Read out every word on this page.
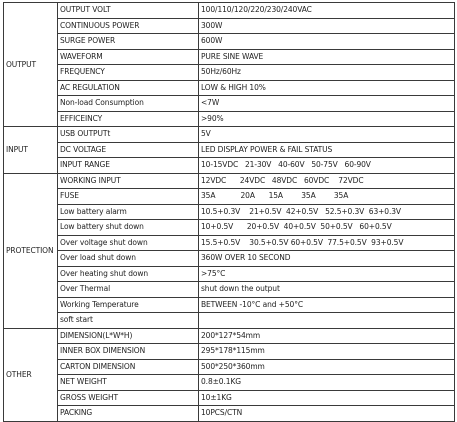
OUTPUT	OUTPUT VOLT	100/110/120/220/230/240VAC
	CONTINUOUS POWER	300W
	SURGE POWER	600W
	WAVEFORM	PURE SINE WAVE
	FREQUENCY	50Hz/60Hz
	AC REGULATION	LOW & HIGH 10%
	Non-load Consumption	<7W
	EFFICEINCY	>90%
INPUT	USB OUTPUTt	5V
	DC VOLTAGE	LED DISPLAY POWER & FAIL STATUS
	INPUT RANGE	10-15VDC   21-30V   40-60V   50-75V   60-90V
PROTECTION	WORKING INPUT	12VDC      24VDC   48VDC   60VDC    72VDC
	FUSE	35A           20A      15A        35A        35A
	Low battery alarm	10.5+0.3V    21+0.5V  42+0.5V   52.5+0.3V  63+0.3V
	Low battery shut down	10+0.5V      20+0.5V  40+0.5V  50+0.5V   60+0.5V
	Over voltage shut down	15.5+0.5V    30.5+0.5V 60+0.5V  77.5+0.5V  93+0.5V
	Over load shut down	360W OVER 10 SECOND
	Over heating shut down	>75°C
	Over Thermal	shut down the output
	Working Temperature	BETWEEN -10°C and +50°C
	soft start	
OTHER	DIMENSION(L*W*H)	200*127*54mm
	INNER BOX DIMENSION	295*178*115mm
	CARTON DIMENSION	500*250*360mm
	NET WEIGHT	0.8±0.1KG
	GROSS WEIGHT	10±1KG
	PACKING	10PCS/CTN
